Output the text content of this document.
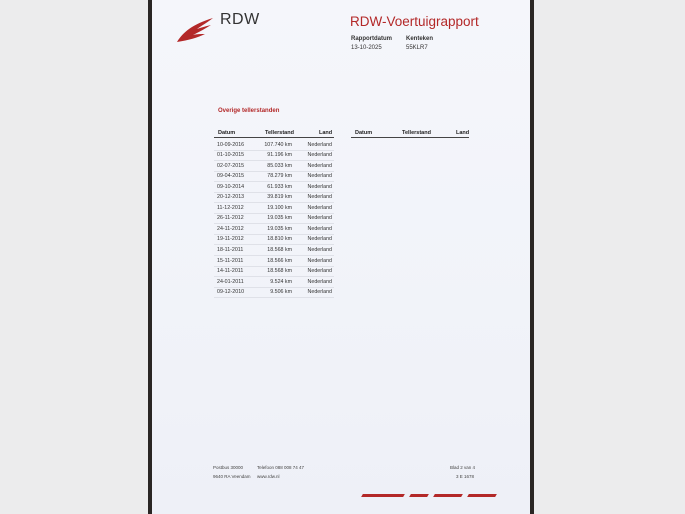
RDW	RDW-Voertuigrapport
Rapportdatum
13-10-2025
Kenteken
55KLR7
Overige tellerstanden
Datum	Tellerstand	Land	Datum	Tellerstand	Land
10-09-2016	107.740 km	Nederland
01-10-2015	91.196 km	Nederland
02-07-2015	85.033 km	Nederland
09-04-2015	78.279 km	Nederland
09-10-2014	61.933 km	Nederland
20-12-2013	39.819 km	Nederland
11-12-2012	19.100 km	Nederland
26-11-2012	19.035 km	Nederland
24-11-2012	19.035 km	Nederland
19-11-2012	18.810 km	Nederland
18-11-2011	18.568 km	Nederland
15-11-2011	18.566 km	Nederland
14-11-2011	18.568 km	Nederland
24-01-2011	9.524 km	Nederland
09-12-2010	9.506 km	Nederland
Postbus 30000
9640 RA Veendam
Telefoon 088 008 74 47
www.rdw.nl
Blad 2 van 4
3 E 1678
